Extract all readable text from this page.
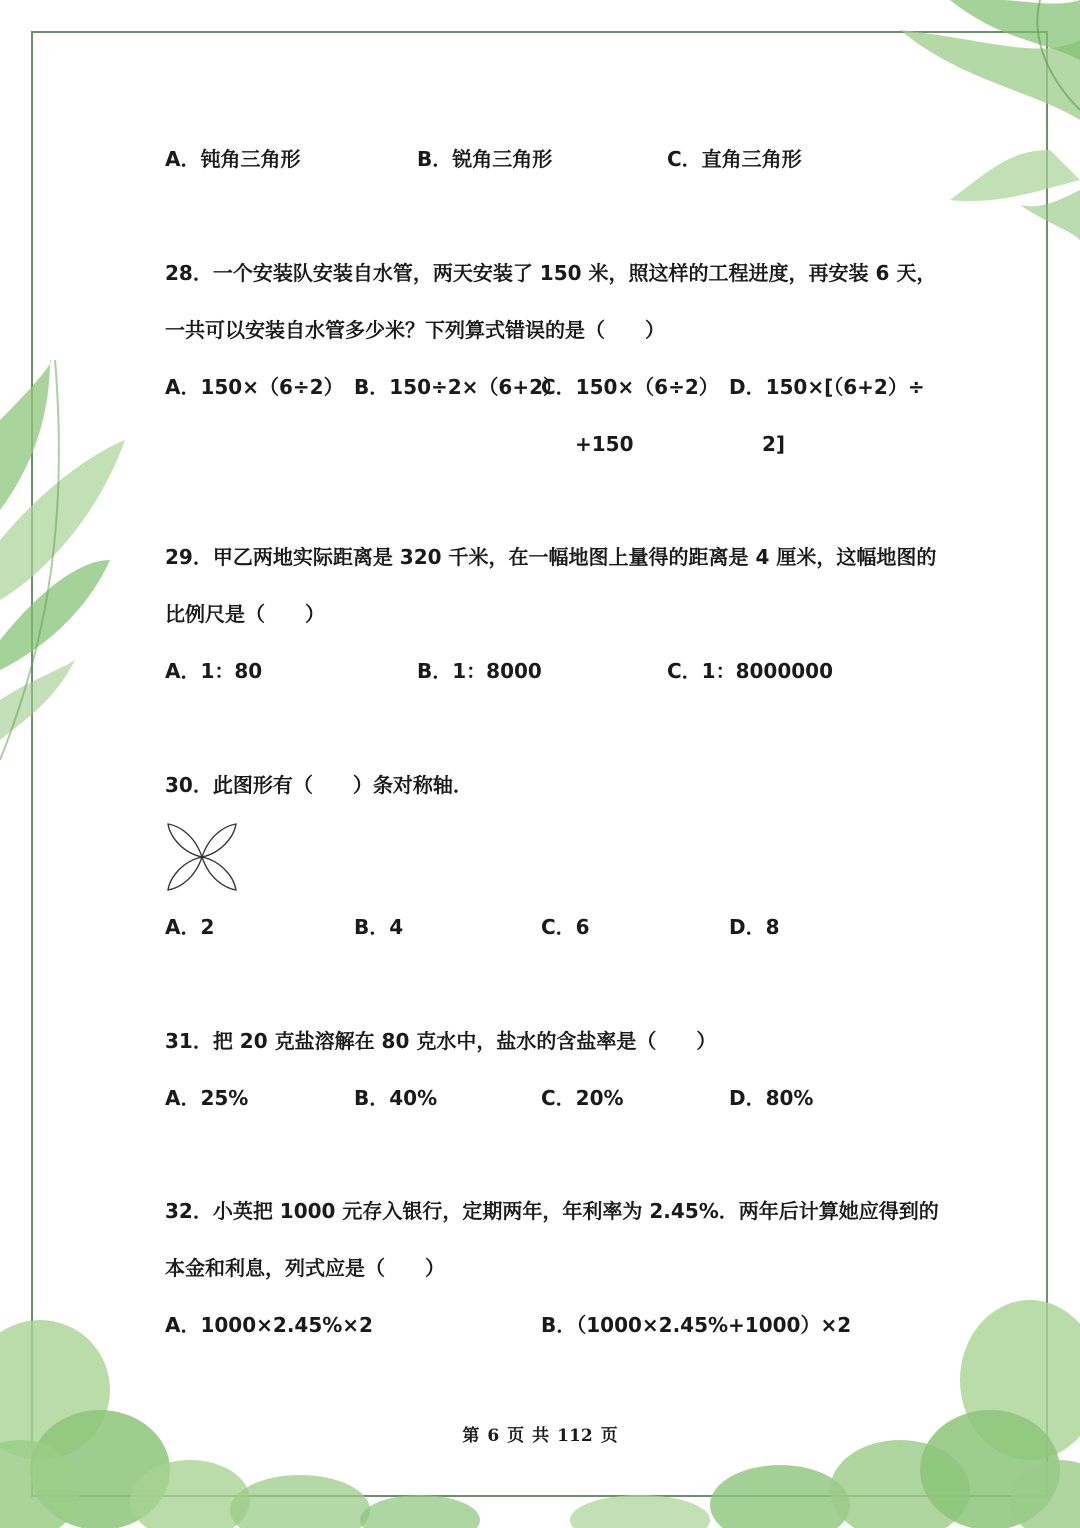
A．钝角三角形	B．锐角三角形	C．直角三角形
28．一个安装队安装自水管，两天安装了 150 米，照这样的工程进度，再安装 6 天，
一共可以安装自水管多少米？下列算式错误的是（　　）
A．150×（6÷2） B．150÷2×（6+2）
C．150×（6÷2）
+150
D．150×[（6+2）÷
2]
29．甲乙两地实际距离是 320 千米，在一幅地图上量得的距离是 4 厘米，这幅地图的
比例尺是（　　）
A．1：80	B．1：8000	C．1：8000000
30．此图形有（　　）条对称轴．
A．2	B．4	C．6	D．8
31．把 20 克盐溶解在 80 克水中，盐水的含盐率是（　　）
A．25%	B．40%	C．20%	D．80%
32．小英把 1000 元存入银行，定期两年，年利率为 2.45%．两年后计算她应得到的
本金和利息，列式应是（　　）
A．1000×2.45%×2	B．（1000×2.45%+1000）×2
第 6 页 共 112 页
